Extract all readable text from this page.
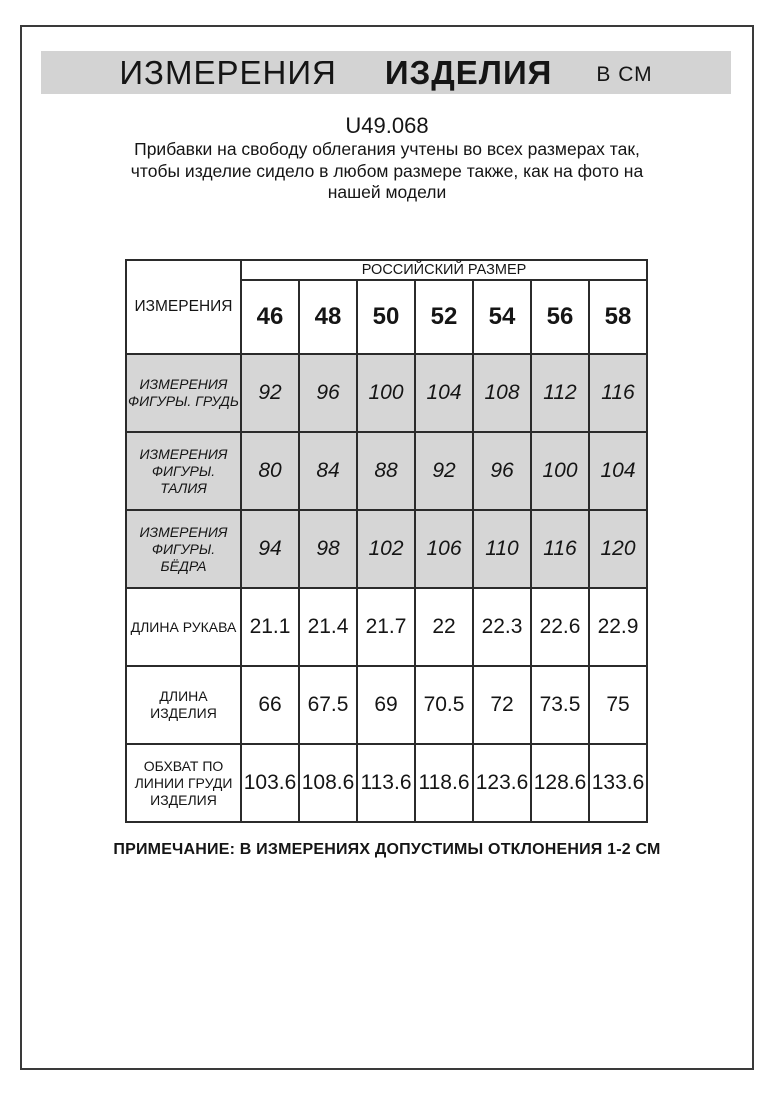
ИЗМЕРЕНИЯ ИЗДЕЛИЯ В СМ
U49.068
Прибавки на свободу облегания учтены во всех размерах так,
чтобы изделие сидело в любом размере также, как на фото на
нашей модели
ИЗМЕРЕНИЯ	РОССИЙСКИЙ РАЗМЕР						
	46	48	50	52	54	56	58
ИЗМЕРЕНИЯ ФИГУРЫ. ГРУДЬ	92	96	100	104	108	112	116
ИЗМЕРЕНИЯ ФИГУРЫ. ТАЛИЯ	80	84	88	92	96	100	104
ИЗМЕРЕНИЯ ФИГУРЫ. БЁДРА	94	98	102	106	110	116	120
ДЛИНА РУКАВА	21.1	21.4	21.7	22	22.3	22.6	22.9
ДЛИНА ИЗДЕЛИЯ	66	67.5	69	70.5	72	73.5	75
ОБХВАТ ПО ЛИНИИ ГРУДИ ИЗДЕЛИЯ	103.6	108.6	113.6	118.6	123.6	128.6	133.6
ПРИМЕЧАНИЕ: В ИЗМЕРЕНИЯХ ДОПУСТИМЫ ОТКЛОНЕНИЯ 1-2 СМ
